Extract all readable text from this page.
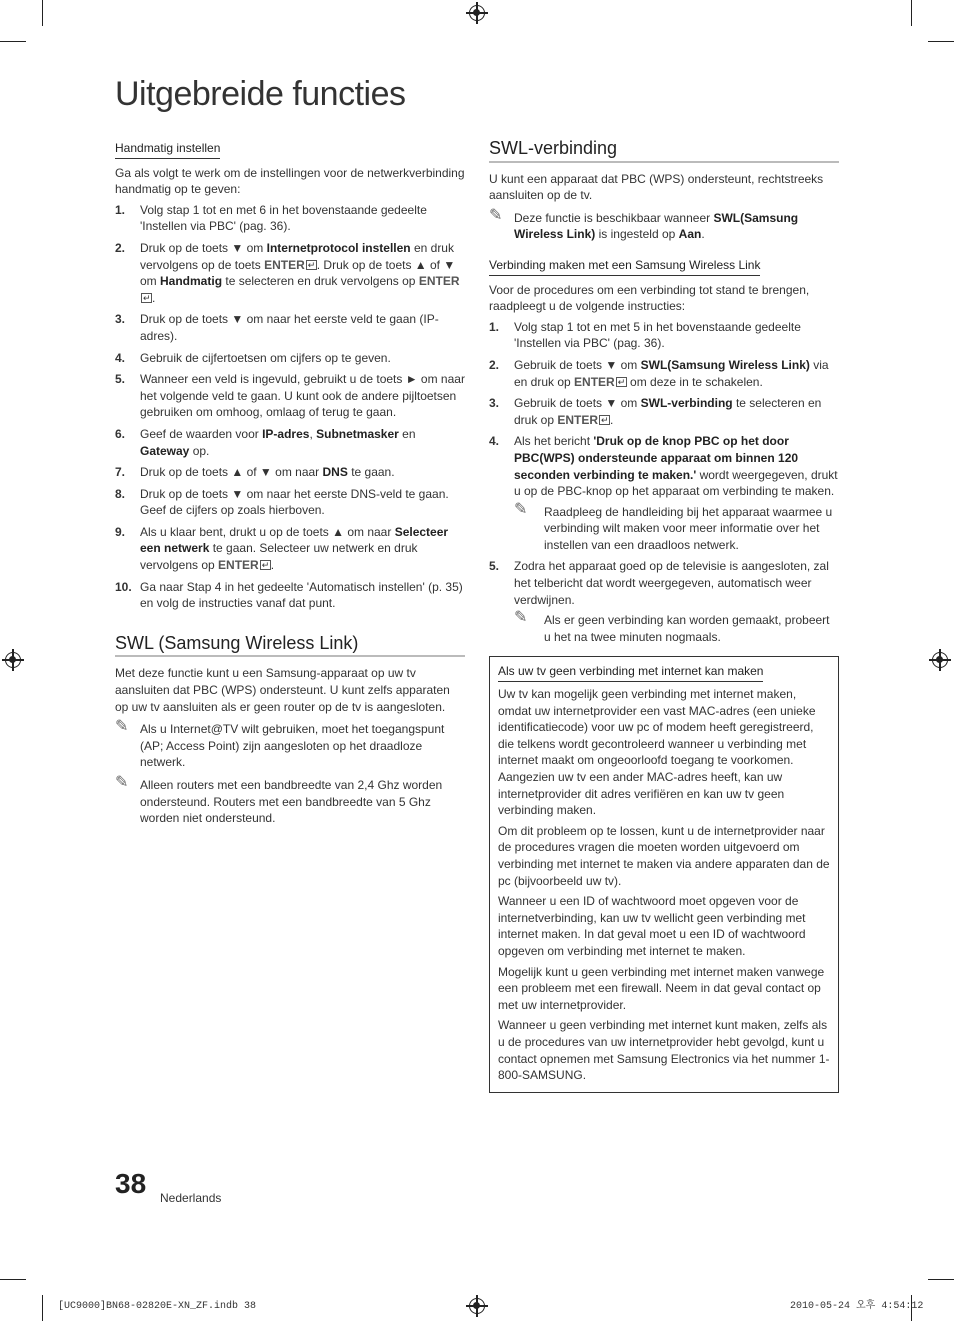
Uitgebreide functies
Handmatig instellen

Ga als volgt te werk om de instellingen voor de netwerkverbinding handmatig op te geven:

1. Volg stap 1 tot en met 6 in het bovenstaande gedeelte 'Instellen via PBC' (pag. 36).
2. Druk op de toets ▼ om Internetprotocol instellen en druk vervolgens op de toets ENTER ↵ . Druk op de toets ▲ of ▼ om Handmatig te selecteren en druk vervolgens op ENTER↵.
3. Druk op de toets ▼ om naar het eerste veld te gaan (IP-adres).
4. Gebruik de cijfertoetsen om cijfers op te geven.
5. Wanneer een veld is ingevuld, gebruikt u de toets ► om naar het volgende veld te gaan. U kunt ook de andere pijltoetsen gebruiken om omhoog, omlaag of terug te gaan.
6. Geef de waarden voor IP-adres, Subnetmasker en Gateway op.
7. Druk op de toets ▲ of ▼ om naar DNS te gaan.
8. Druk op de toets ▼ om naar het eerste DNS-veld te gaan. Geef de cijfers op zoals hierboven.
9. Als u klaar bent, drukt u op de toets ▲ om naar Selecteer een netwerk te gaan. Selecteer uw netwerk en druk vervolgens op ENTER ↵ .
10. Ga naar Stap 4 in het gedeelte 'Automatisch instellen' (p. 35) en volg de instructies vanaf dat punt.
SWL (Samsung Wireless Link)

Met deze functie kunt u een Samsung-apparaat op uw tv aansluiten dat PBC (WPS) ondersteunt. U kunt zelfs apparaten op uw tv aansluiten als er geen router op de tv is aangesloten.

✎ Als u Internet@TV wilt gebruiken, moet het toegangspunt (AP; Access Point) zijn aangesloten op het draadloze netwerk.
✎ Alleen routers met een bandbreedte van 2,4 Ghz worden ondersteund. Routers met een bandbreedte van 5 Ghz worden niet ondersteund.
SWL-verbinding

U kunt een apparaat dat PBC (WPS) ondersteunt, rechtstreeks aansluiten op de tv.

✎ Deze functie is beschikbaar wanneer SWL(Samsung Wireless Link) is ingesteld op Aan.
Verbinding maken met een Samsung Wireless Link

Voor de procedures om een verbinding tot stand te brengen, raadpleegt u de volgende instructies:

1. Volg stap 1 tot en met 5 in het bovenstaande gedeelte 'Instellen via PBC' (pag. 36).
2. Gebruik de toets ▼ om SWL(Samsung Wireless Link) via en druk op ENTER↵ om deze in te schakelen.
3. Gebruik de toets ▼ om SWL-verbinding te selecteren en druk op ENTER ↵ .
4. Als het bericht 'Druk op de knop PBC op het door PBC(WPS) ondersteunde apparaat om binnen 120 seconden verbinding te maken.' wordt weergegeven, drukt u op de PBC-knop op het apparaat om verbinding te maken.
✎ Raadpleeg de handleiding bij het apparaat waarmee u verbinding wilt maken voor meer informatie over het instellen van een draadloos netwerk.
5. Zodra het apparaat goed op de televisie is aangesloten, zal het telbericht dat wordt weergegeven, automatisch weer verdwijnen.
✎ Als er geen verbinding kan worden gemaakt, probeert u het na twee minuten nogmaals.
Als uw tv geen verbinding met internet kan maken

Uw tv kan mogelijk geen verbinding met internet maken, omdat uw internetprovider een vast MAC-adres (een unieke identificatiecode) voor uw pc of modem heeft geregistreerd, die telkens wordt gecontroleerd wanneer u verbinding met internet maakt om ongeoorloofd toegang te voorkomen. Aangezien uw tv een ander MAC-adres heeft, kan uw internetprovider dit adres verifiëren en kan uw tv geen verbinding maken.

Om dit probleem op te lossen, kunt u de internetprovider naar de procedures vragen die moeten worden uitgevoerd om verbinding met internet te maken via andere apparaten dan de pc (bijvoorbeeld uw tv).

Wanneer u een ID of wachtwoord moet opgeven voor de internetverbinding, kan uw tv wellicht geen verbinding met internet maken. In dat geval moet u een ID of wachtwoord opgeven om verbinding met internet te maken.

Mogelijk kunt u geen verbinding met internet maken vanwege een probleem met een firewall. Neem in dat geval contact op met uw internetprovider.

Wanneer u geen verbinding met internet kunt maken, zelfs als u de procedures van uw internetprovider hebt gevolgd, kunt u contact opnemen met Samsung Electronics via het nummer 1-800-SAMSUNG.

38 Nederlands
[UC9000]BN68-02820E-XN_ZF.indb 38	2010-05-24 오후 4:54:12
